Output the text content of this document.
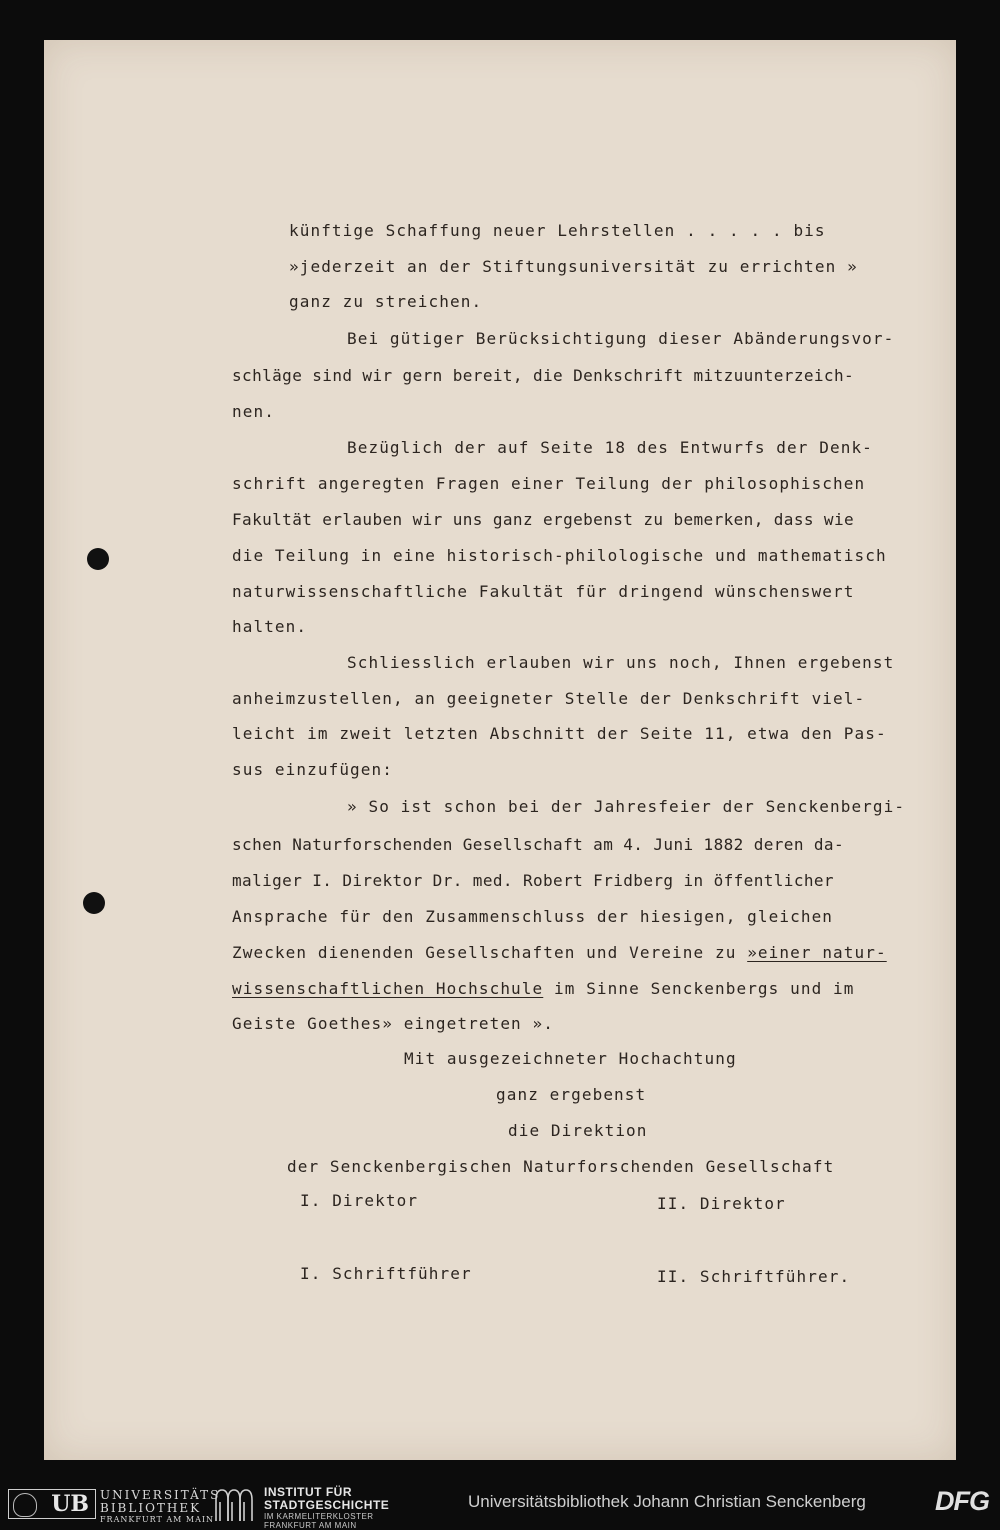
künftige Schaffung neuer Lehrstellen . . . . . bis
»jederzeit an der Stiftungsuniversität zu errichten »
ganz zu streichen.
Bei gütiger Berücksichtigung dieser Abänderungsvor-
schläge sind wir gern bereit, die Denkschrift mitzuunterzeich-
nen.
Bezüglich der auf Seite 18 des Entwurfs der Denk-
schrift angeregten Fragen einer Teilung der philosophischen
Fakultät erlauben wir uns ganz ergebenst zu bemerken, dass wie
die Teilung in eine historisch-philologische und mathematisch
naturwissenschaftliche Fakultät für dringend wünschenswert
halten.
Schliesslich erlauben wir uns noch, Ihnen ergebenst
anheimzustellen, an geeigneter Stelle der Denkschrift viel-
leicht im zweit letzten Abschnitt der Seite 11, etwa den Pas-
sus einzufügen:
» So ist schon bei der Jahresfeier der Senckenbergi-
schen Naturforschenden Gesellschaft am 4. Juni 1882 deren da-
maliger I. Direktor Dr. med. Robert Fridberg in öffentlicher
Ansprache für den Zusammenschluss der hiesigen, gleichen
Zwecken dienenden Gesellschaften und Vereine zu »einer natur-
wissenschaftlichen Hochschule im Sinne Senckenbergs und im
Geiste Goethes» eingetreten ».
Mit ausgezeichneter Hochachtung
ganz ergebenst
die Direktion
der Senckenbergischen Naturforschenden Gesellschaft
I. Direktor	II. Direktor
I. Schriftführer	II. Schriftführer.
UB UNIVERSITÄTS
BIBLIOTHEK
FRANKFURT AM MAIN
INSTITUT FÜR
STADTGESCHICHTE
IM KARMELITERKLOSTER
FRANKFURT AM MAIN
Universitätsbibliothek Johann Christian Senckenberg	DFG
